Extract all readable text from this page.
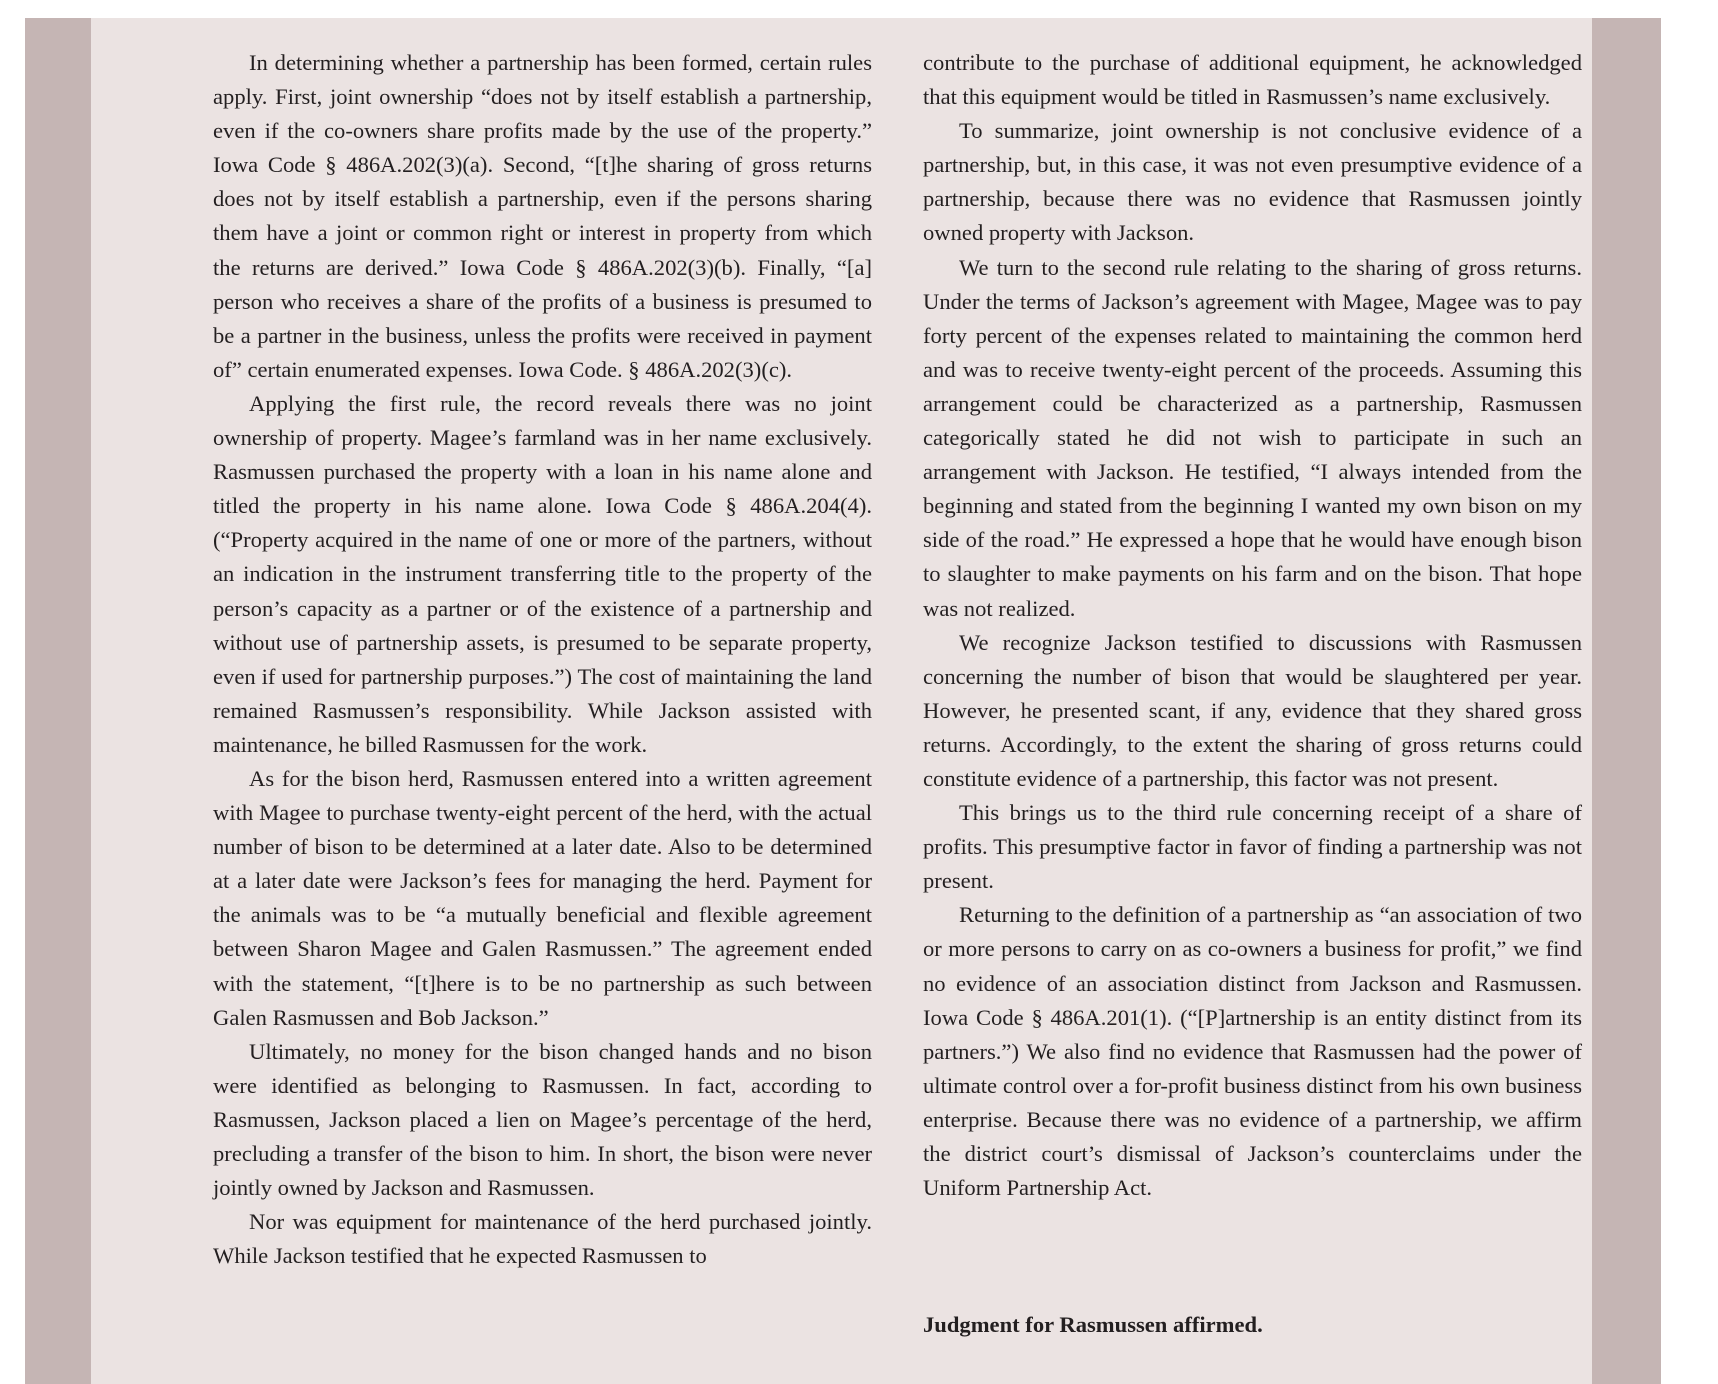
In determining whether a partnership has been formed, certain rules apply. First, joint ownership “does not by itself establish a partnership, even if the co-owners share profits made by the use of the property.” Iowa Code § 486A.202(3)(a). Second, “[t]he sharing of gross returns does not by itself establish a partnership, even if the persons sharing them have a joint or common right or interest in property from which the returns are derived.” Iowa Code § 486A.202(3)(b). Finally, “[a] person who receives a share of the profits of a business is presumed to be a partner in the business, unless the profits were received in payment of” certain enumerated expenses. Iowa Code. § 486A.202(3)(c).

Applying the first rule, the record reveals there was no joint ownership of property. Magee’s farmland was in her name exclusively. Rasmussen purchased the property with a loan in his name alone and titled the property in his name alone. Iowa Code § 486A.204(4). (“Property acquired in the name of one or more of the partners, without an indication in the instrument transferring title to the property of the person’s capacity as a partner or of the existence of a partnership and without use of partnership assets, is presumed to be separate property, even if used for partnership purposes.”) The cost of maintaining the land remained Rasmussen’s responsibility. While Jackson assisted with maintenance, he billed Rasmussen for the work.

As for the bison herd, Rasmussen entered into a written agreement with Magee to purchase twenty-eight percent of the herd, with the actual number of bison to be determined at a later date. Also to be determined at a later date were Jackson’s fees for managing the herd. Payment for the animals was to be “a mutually beneficial and flexible agreement between Sharon Magee and Galen Rasmussen.” The agreement ended with the statement, “[t]here is to be no partnership as such between Galen Rasmussen and Bob Jackson.”

Ultimately, no money for the bison changed hands and no bison were identified as belonging to Rasmussen. In fact, according to Rasmussen, Jackson placed a lien on Magee’s percentage of the herd, precluding a transfer of the bison to him. In short, the bison were never jointly owned by Jackson and Rasmussen.

Nor was equipment for maintenance of the herd purchased jointly. While Jackson testified that he expected Rasmussen to

contribute to the purchase of additional equipment, he acknowledged that this equipment would be titled in Rasmussen’s name exclusively.

To summarize, joint ownership is not conclusive evidence of a partnership, but, in this case, it was not even presumptive evidence of a partnership, because there was no evidence that Rasmussen jointly owned property with Jackson.

We turn to the second rule relating to the sharing of gross returns. Under the terms of Jackson’s agreement with Magee, Magee was to pay forty percent of the expenses related to maintaining the common herd and was to receive twenty-eight percent of the proceeds. Assuming this arrangement could be characterized as a partnership, Rasmussen categorically stated he did not wish to participate in such an arrangement with Jackson. He testified, “I always intended from the beginning and stated from the beginning I wanted my own bison on my side of the road.” He expressed a hope that he would have enough bison to slaughter to make payments on his farm and on the bison. That hope was not realized.

We recognize Jackson testified to discussions with Rasmussen concerning the number of bison that would be slaughtered per year. However, he presented scant, if any, evidence that they shared gross returns. Accordingly, to the extent the sharing of gross returns could constitute evidence of a partnership, this factor was not present.

This brings us to the third rule concerning receipt of a share of profits. This presumptive factor in favor of finding a partnership was not present.

Returning to the definition of a partnership as “an association of two or more persons to carry on as co-owners a business for profit,” we find no evidence of an association distinct from Jackson and Rasmussen. Iowa Code § 486A.201(1). (“[P]artnership is an entity distinct from its partners.”) We also find no evidence that Rasmussen had the power of ultimate control over a for-profit business distinct from his own business enterprise. Because there was no evidence of a partnership, we affirm the district court’s dismissal of Jackson’s counterclaims under the Uniform Partnership Act.

Judgment for Rasmussen affirmed.
